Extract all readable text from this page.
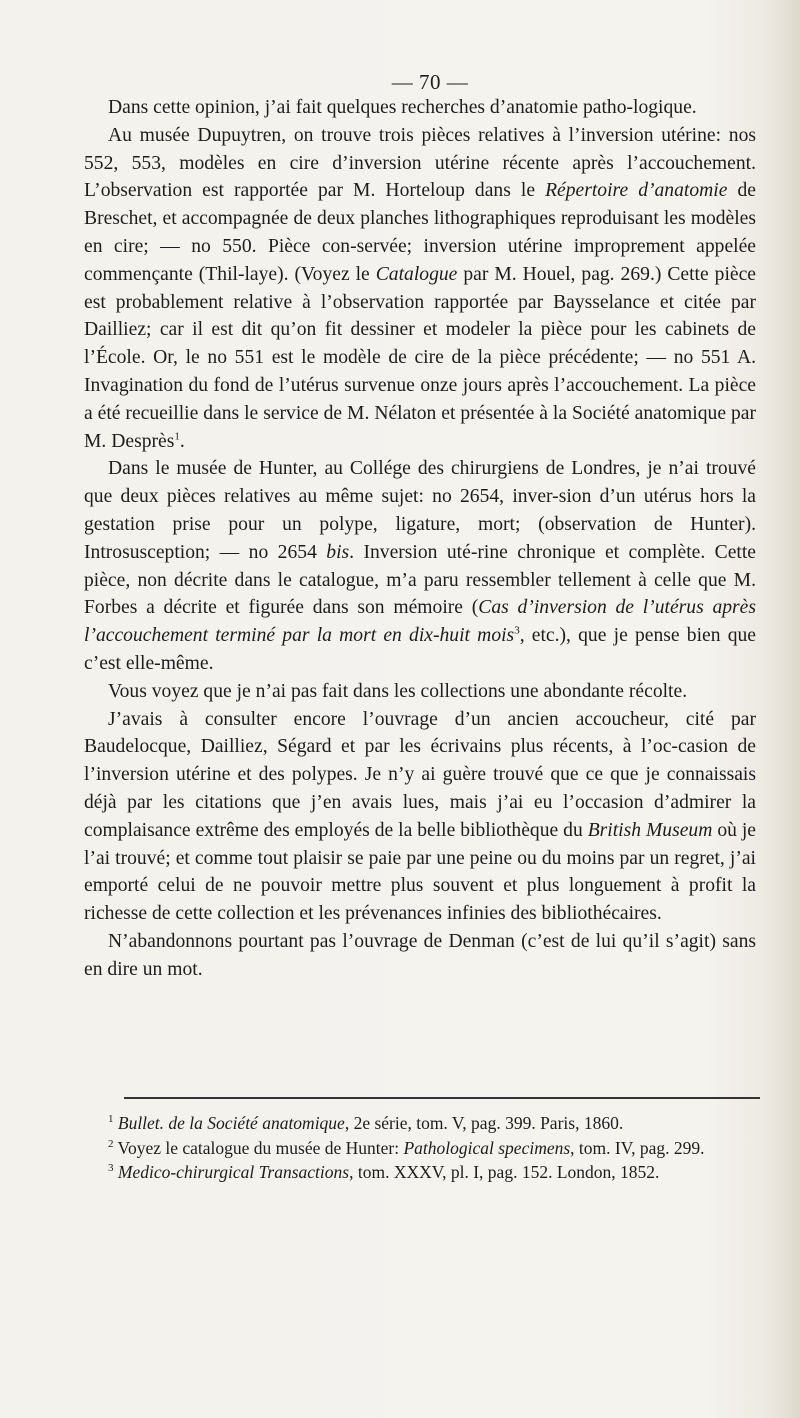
— 70 —

Dans cette opinion, j’ai fait quelques recherches d’anatomie patho-logique.

Au musée Dupuytren, on trouve trois pièces relatives à l’inversion utérine: nos 552, 553, modèles en cire d’inversion utérine récente après l’accouchement. L’observation est rapportée par M. Horteloup dans le Répertoire d’anatomie de Breschet, et accompagnée de deux planches lithographiques reproduisant les modèles en cire; — no 550. Pièce con-servée; inversion utérine improprement appelée commençante (Thil-laye). (Voyez le Catalogue par M. Houel, pag. 269.) Cette pièce est probablement relative à l’observation rapportée par Baysselance et citée par Dailliez; car il est dit qu’on fit dessiner et modeler la pièce pour les cabinets de l’École. Or, le no 551 est le modèle de cire de la pièce précédente; — no 551 A. Invagination du fond de l’utérus survenue onze jours après l’accouchement. La pièce a été recueillie dans le service de M. Nélaton et présentée à la Société anatomique par M. Desprès$^1$.

Dans le musée de Hunter, au Collége des chirurgiens de Londres, je n’ai trouvé que deux pièces relatives au même sujet: no 2654, inver-sion d’un utérus hors la gestation prise pour un polype, ligature, mort; (observation de Hunter). Introsusception; — no 2654 bis. Inversion uté-rine chronique et complète. Cette pièce, non décrite dans le catalogue, m’a paru ressembler tellement à celle que M. Forbes a décrite et figurée dans son mémoire (Cas d’inversion de l’utérus après l’accouchement terminé par la mort en dix-huit mois$^3$, etc.), que je pense bien que c’est elle-même.

Vous voyez que je n’ai pas fait dans les collections une abondante récolte.

J’avais à consulter encore l’ouvrage d’un ancien accoucheur, cité par Baudelocque, Dailliez, Ségard et par les écrivains plus récents, à l’oc-casion de l’inversion utérine et des polypes. Je n’y ai guère trouvé que ce que je connaissais déjà par les citations que j’en avais lues, mais j’ai eu l’occasion d’admirer la complaisance extrême des employés de la belle bibliothèque du British Museum où je l’ai trouvé; et comme tout plaisir se paie par une peine ou du moins par un regret, j’ai emporté celui de ne pouvoir mettre plus souvent et plus longuement à profit la richesse de cette collection et les prévenances infinies des bibliothécaires.

N’abandonnons pourtant pas l’ouvrage de Denman (c’est de lui qu’il s’agit) sans en dire un mot.

$^1$ Bullet. de la Société anatomique, 2e série, tom. V, pag. 399. Paris, 1860.

$^2$ Voyez le catalogue du musée de Hunter: Pathological specimens, tom. IV, pag. 299.

$^3$ Medico-chirurgical Transactions, tom. XXXV, pl. I, pag. 152. London, 1852.
